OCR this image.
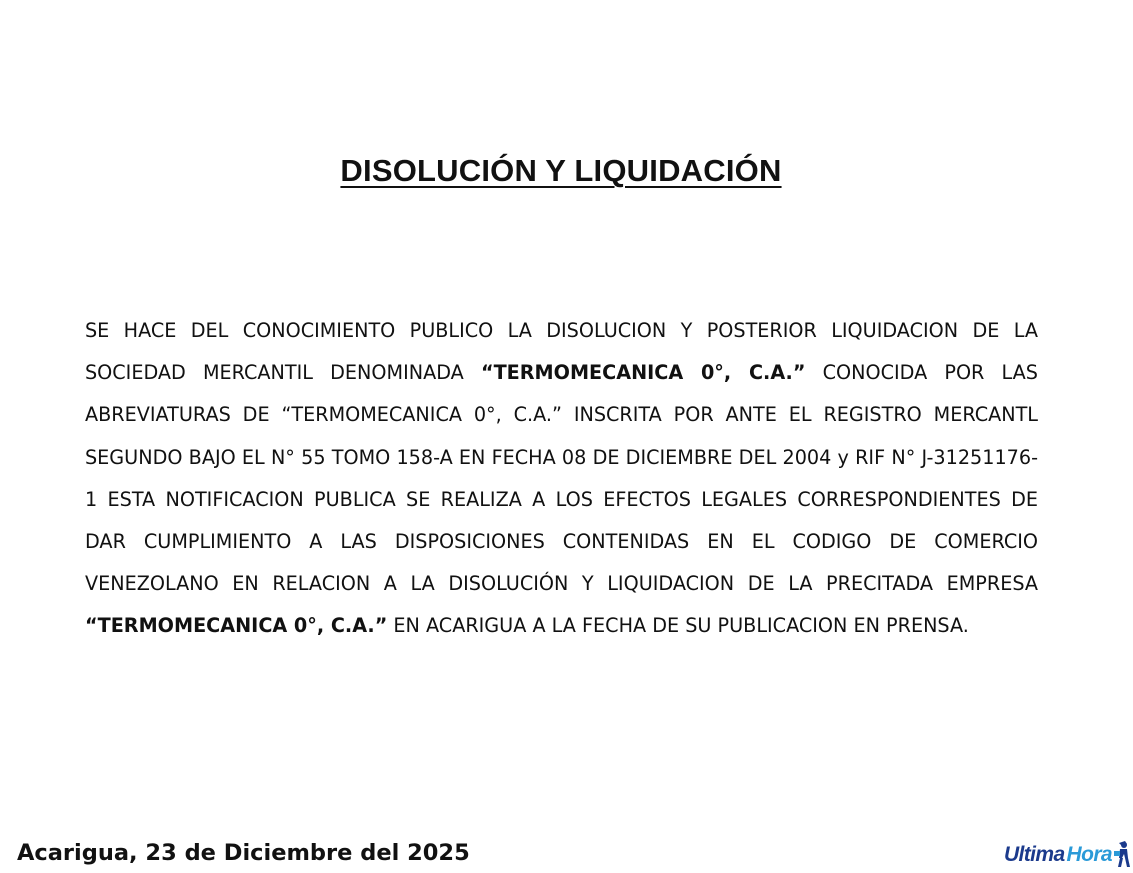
DISOLUCIÓN Y LIQUIDACIÓN

SE HACE DEL CONOCIMIENTO PUBLICO LA DISOLUCION Y POSTERIOR LIQUIDACION DE LA SOCIEDAD MERCANTIL DENOMINADA “TERMOMECANICA 0°, C.A.” CONOCIDA POR LAS ABREVIATURAS DE “TERMOMECANICA 0°, C.A.” INSCRITA POR ANTE EL REGISTRO MERCANTL SEGUNDO BAJO EL N° 55 TOMO 158-A EN FECHA 08 DE DICIEMBRE DEL 2004 y RIF N° J-31251176-1 ESTA NOTIFICACION PUBLICA SE REALIZA A LOS EFECTOS LEGALES CORRESPONDIENTES DE DAR CUMPLIMIENTO A LAS DISPOSICIONES CONTENIDAS EN EL CODIGO DE COMERCIO VENEZOLANO EN RELACION A LA DISOLUCIÓN Y LIQUIDACION DE LA PRECITADA EMPRESA “TERMOMECANICA 0°, C.A.” EN ACARIGUA A LA FECHA DE SU PUBLICACION EN PRENSA.

Acarigua, 23 de Diciembre del 2025	UltimaHora
